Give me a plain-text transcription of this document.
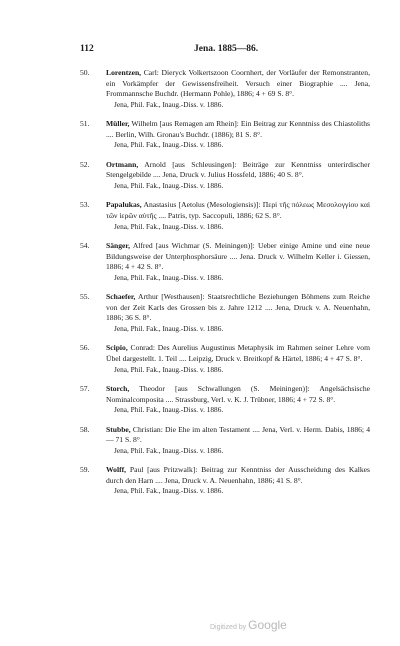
112	Jena. 1885—86.
50.	Lorentzen, Carl: Dieryck Volkertszoon Coornhert, der Vorläufer der Remonstranten, ein Vorkämpfer der Gewissensfreiheit. Versuch einer Biographie .... Jena, Frommannsche Buchdr. (Hermann Pohle), 1886; 4 + 69 S. 8°.
Jena, Phil. Fak., Inaug.-Diss. v. 1886.
51.	Müller, Wilhelm [aus Remagen am Rhein]: Ein Beitrag zur Kenntniss des Chiastoliths .... Berlin, Wilh. Gronau's Buchdr. (1886); 81 S. 8°.
Jena, Phil. Fak., Inaug.-Diss. v. 1886.
52.	Ortmann, Arnold [aus Schleusingen]: Beiträge zur Kenntniss unterirdischer Stengelgebilde .... Jena, Druck v. Julius Hossfeld, 1886; 40 S. 8°.
Jena, Phil. Fak., Inaug.-Diss. v. 1886.
53.	Papalukas, Anastasius [Aetolus (Mesologiensis)]: Περὶ τῆς πόλεως Μεσολογγίου καὶ τῶν ἱερῶν αὐτῆς .... Patris, typ. Saccopuli, 1886; 62 S. 8°.
Jena, Phil. Fak., Inaug.-Diss. v. 1886.
54.	Sänger, Alfred [aus Wichmar (S. Meiningen)]: Ueber einige Amine und eine neue Bildungsweise der Unterphosphorsäure .... Jena. Druck v. Wilhelm Keller i. Giessen, 1886; 4 + 42 S. 8°.
Jena, Phil. Fak., Inaug.-Diss. v. 1886.
55.	Schaefer, Arthur [Westhausen]: Staatsrechtliche Beziehungen Böhmens zum Reiche von der Zeit Karls des Grossen bis z. Jahre 1212 .... Jena, Druck v. A. Neuenhahn, 1886; 36 S. 8°.
Jena, Phil. Fak., Inaug.-Diss. v. 1886.
56.	Scipio, Conrad: Des Aurelius Augustinus Metaphysik im Rahmen seiner Lehre vom Übel dargestellt. 1. Teil .... Leipzig, Druck v. Breitkopf & Härtel, 1886; 4 + 47 S. 8°.
Jena, Phil. Fak., Inaug.-Diss. v. 1886.
57.	Storch, Theodor [aus Schwallungen (S. Meiningen)]: Angelsächsische Nominalcomposita .... Strassburg, Verl. v. K. J. Trübner, 1886; 4 + 72 S. 8°.
Jena, Phil. Fak., Inaug.-Diss. v. 1886.
58.	Stubbe, Christian: Die Ehe im alten Testament .... Jena, Verl. v. Herm. Dabis, 1886; 4 — 71 S. 8°.
Jena, Phil. Fak., Inaug.-Diss. v. 1886.
59.	Wolff, Paul [aus Pritzwalk]: Beitrag zur Kenntniss der Ausscheidung des Kalkes durch den Harn .... Jena, Druck v. A. Neuenhahn, 1886; 41 S. 8°.
Jena, Phil. Fak., Inaug.-Diss. v. 1886.
Digitized by Google
